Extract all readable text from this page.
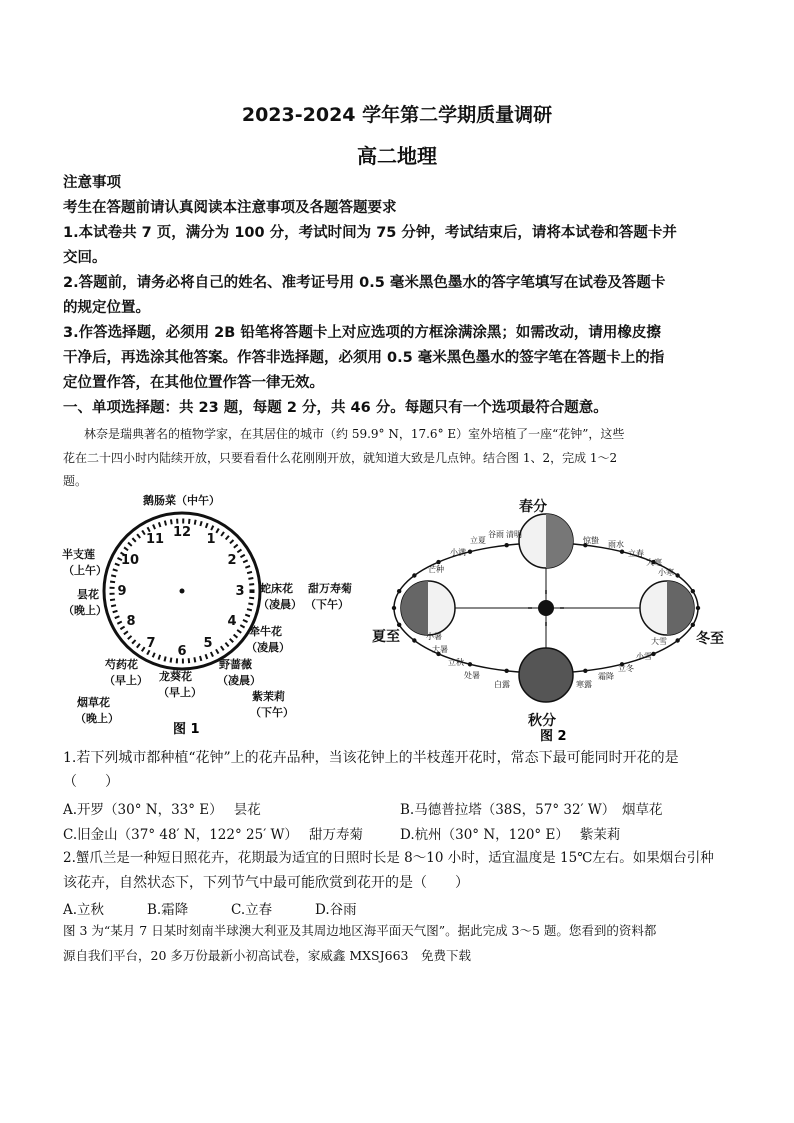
2023-2024 学年第二学期质量调研
高二地理
注意事项
考生在答题前请认真阅读本注意事项及各题答题要求
1.本试卷共 7 页，满分为 100 分，考试时间为 75 分钟，考试结束后，请将本试卷和答题卡并
交回。
2.答题前，请务必将自己的姓名、准考证号用 0.5 毫米黑色墨水的答字笔填写在试卷及答题卡
的规定位置。
3.作答选择题，必须用 2B 铅笔将答题卡上对应选项的方框涂满涂黑；如需改动，请用橡皮擦
干净后，再选涂其他答案。作答非选择题，必须用 0.5 毫米黑色墨水的签字笔在答题卡上的指
定位置作答，在其他位置作答一律无效。
一、单项选择题：共 23 题，每题 2 分，共 46 分。每题只有一个选项最符合题意。
林奈是瑞典著名的植物学家，在其居住的城市（约 59.9° N，17.6° E）室外培植了一座“花钟”，这些
花在二十四小时内陆续开放，只要看看什么花刚刚开放，就知道大致是几点钟。结合图 1、2，完成 1～2
题。
12 1
2
3
4
5
6
7
8
9
10
11
鹅肠菜（中午）
半支莲
（上午）
昙花
（晚上）
蛇床花
（凌晨）
甜万寿菊
（下午）
牵牛花
（凌晨）
芍药花
（早上） 龙葵花
（早上）
野蔷薇
（凌晨）
烟草花
（晚上）
紫茉莉
（下午）
图 1
春分
夏至	冬至
秋分
芒种
小满
立夏
谷雨 清明
惊蛰 雨水
立春
大寒
小寒
小暑
大暑
立秋
处暑
白露	寒露
霜降
立冬
小雪
大雪
图 2
1.若下列城市都种植“花钟”上的花卉品种，当该花钟上的半枝莲开花时，常态下最可能同时开花的是
（　　）
A.开罗（30° N，33° E）　 昙花	B.马德普拉塔（38S，57° 32′ W）　烟草花
C.旧金山（37° 48′ N，122° 25′ W）　 甜万寿菊	D.杭州（30° N，120° E）　 紫茉莉
2.蟹爪兰是一种短日照花卉，花期最为适宜的日照时长是 8～10 小时，适宜温度是 15℃左右。如果烟台引种
该花卉，自然状态下，下列节气中最可能欣赏到花开的是（　　）
A.立秋	B.霜降	C.立春	D.谷雨
图 3 为“某月 7 日某时刻南半球澳大利亚及其周边地区海平面天气图”。据此完成 3～5 题。您看到的资料都
源自我们平台，20 多万份最新小初高试卷，家威鑫 MXSJ663　免费下载
